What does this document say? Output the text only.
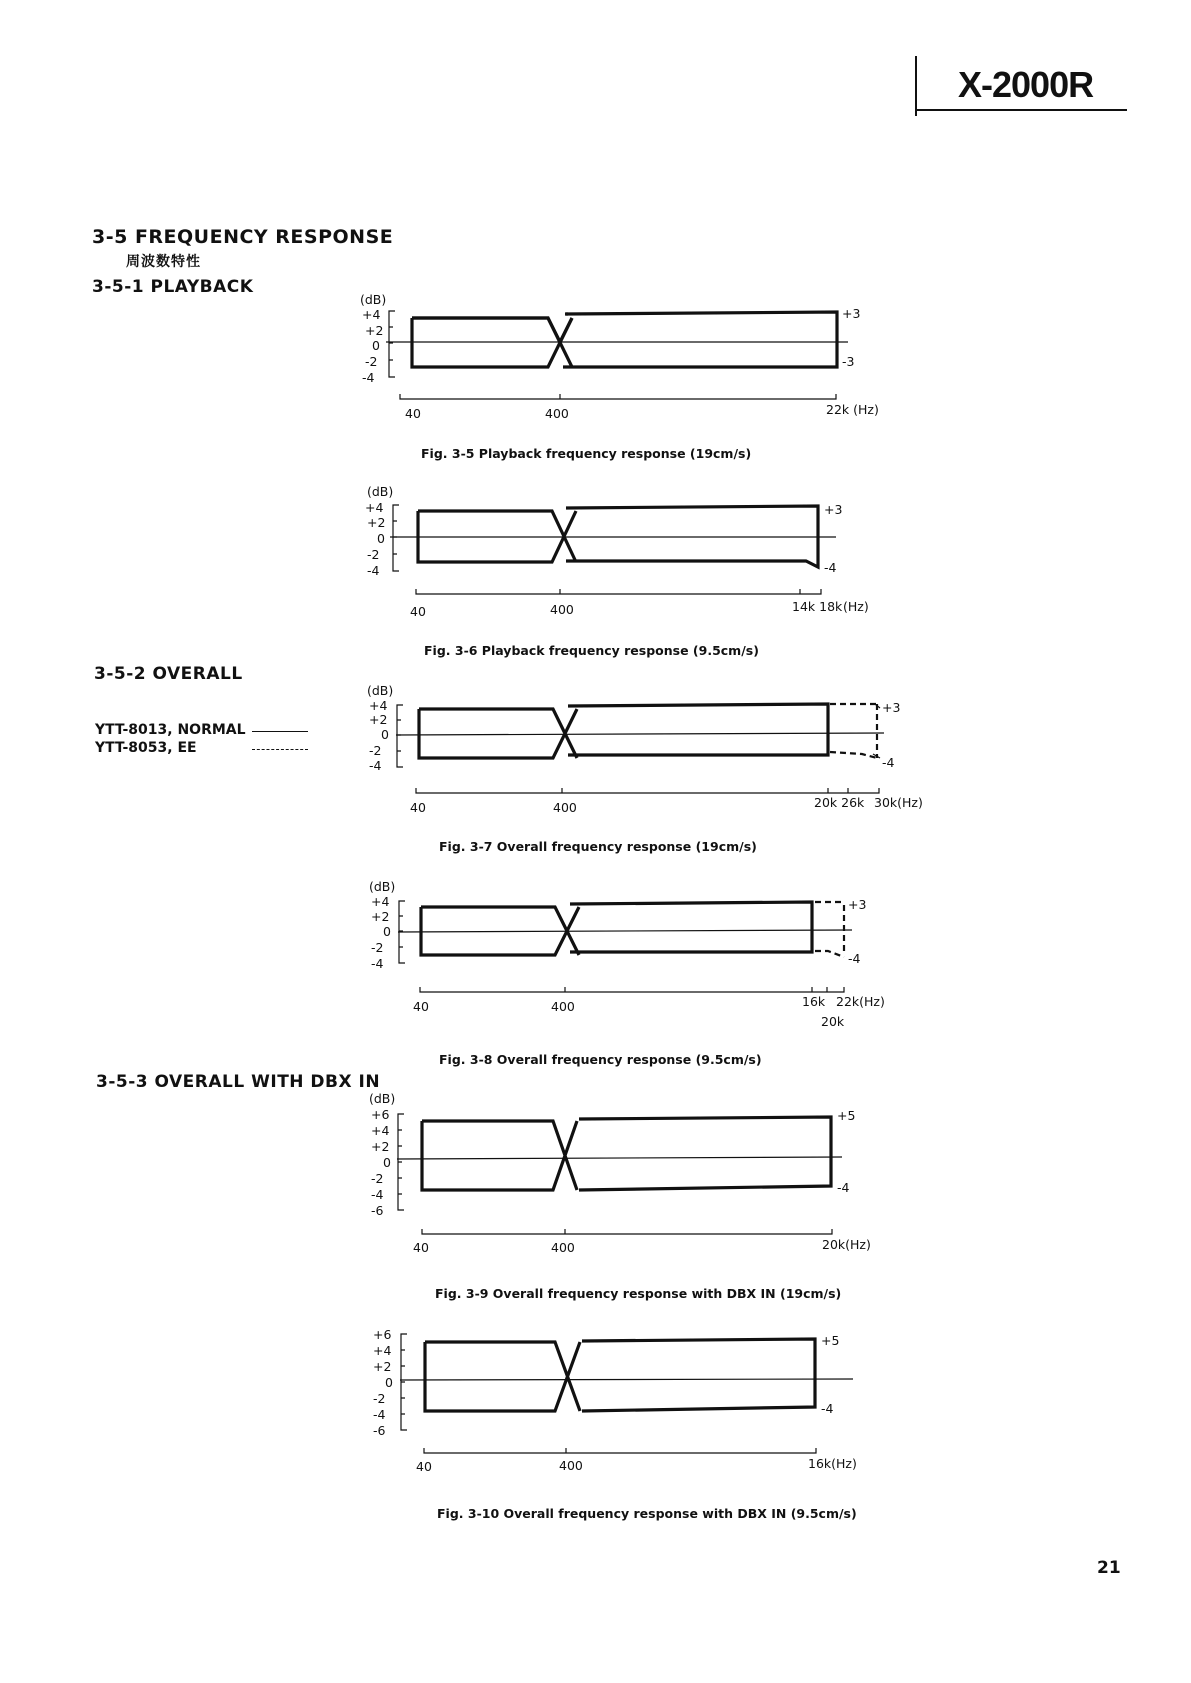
X-2000R
3-5 FREQUENCY RESPONSE
周波数特性
3-5-1 PLAYBACK
3-5-2 OVERALL
3-5-3 OVERALL WITH DBX IN
YTT-8013, NORMAL
YTT-8053, EE
(dB)
+4
+2
0
-2
-4
+3
-3
40	400	22k (Hz)
Fig. 3-5 Playback frequency response (19cm/s)
(dB)
+4
+2
0
-2
-4
+3
-4
40	400	14k 18k (Hz)
Fig. 3-6 Playback frequency response (9.5cm/s)
(dB)
+4
+2
0
-2
-4
+3
-4
40	400	20k 26k 30k(Hz)
Fig. 3-7 Overall frequency response (19cm/s)
(dB)
+4
+2
0
-2
-4
+3
-4
40	400	16k 22k(Hz)
20k
Fig. 3-8 Overall frequency response (9.5cm/s)
(dB)
+6
+4
+2
0
-2
-4
-6
+5
-4
40	400	20k(Hz)
Fig. 3-9 Overall frequency response with DBX IN (19cm/s)
+6
+4
+2
0
-2
-4
-6
+5
-4
40	400	16k(Hz)
Fig. 3-10 Overall frequency response with DBX IN (9.5cm/s)
21
